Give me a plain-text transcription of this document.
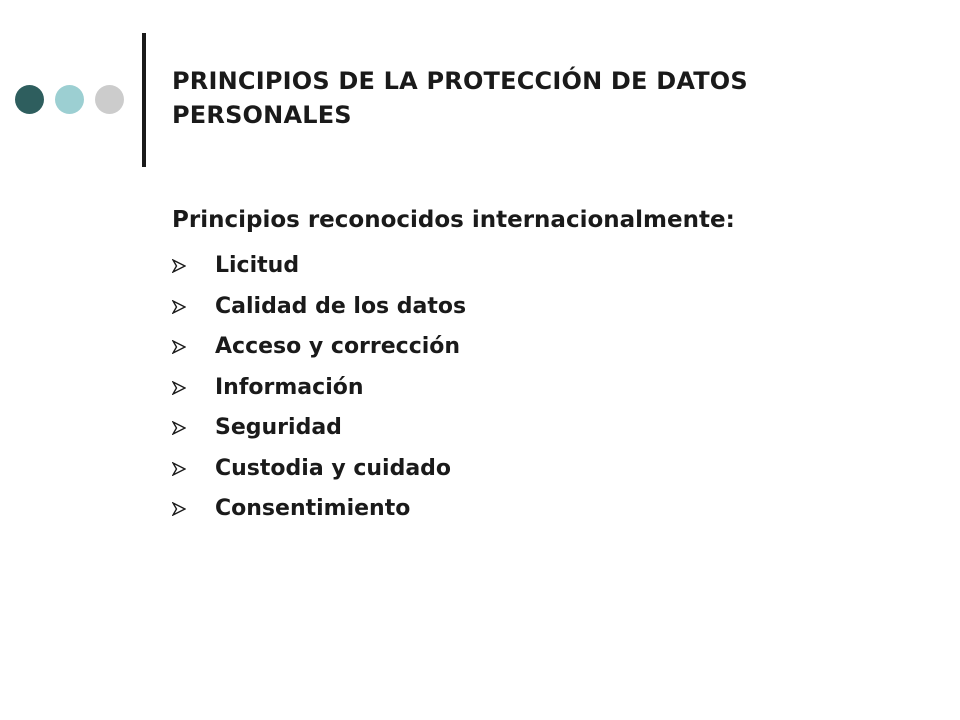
PRINCIPIOS DE LA PROTECCIÓN DE DATOS
PERSONALES

Principios reconocidos internacionalmente:

Licitud
Calidad de los datos
Acceso y corrección
Información
Seguridad
Custodia y cuidado
Consentimiento
